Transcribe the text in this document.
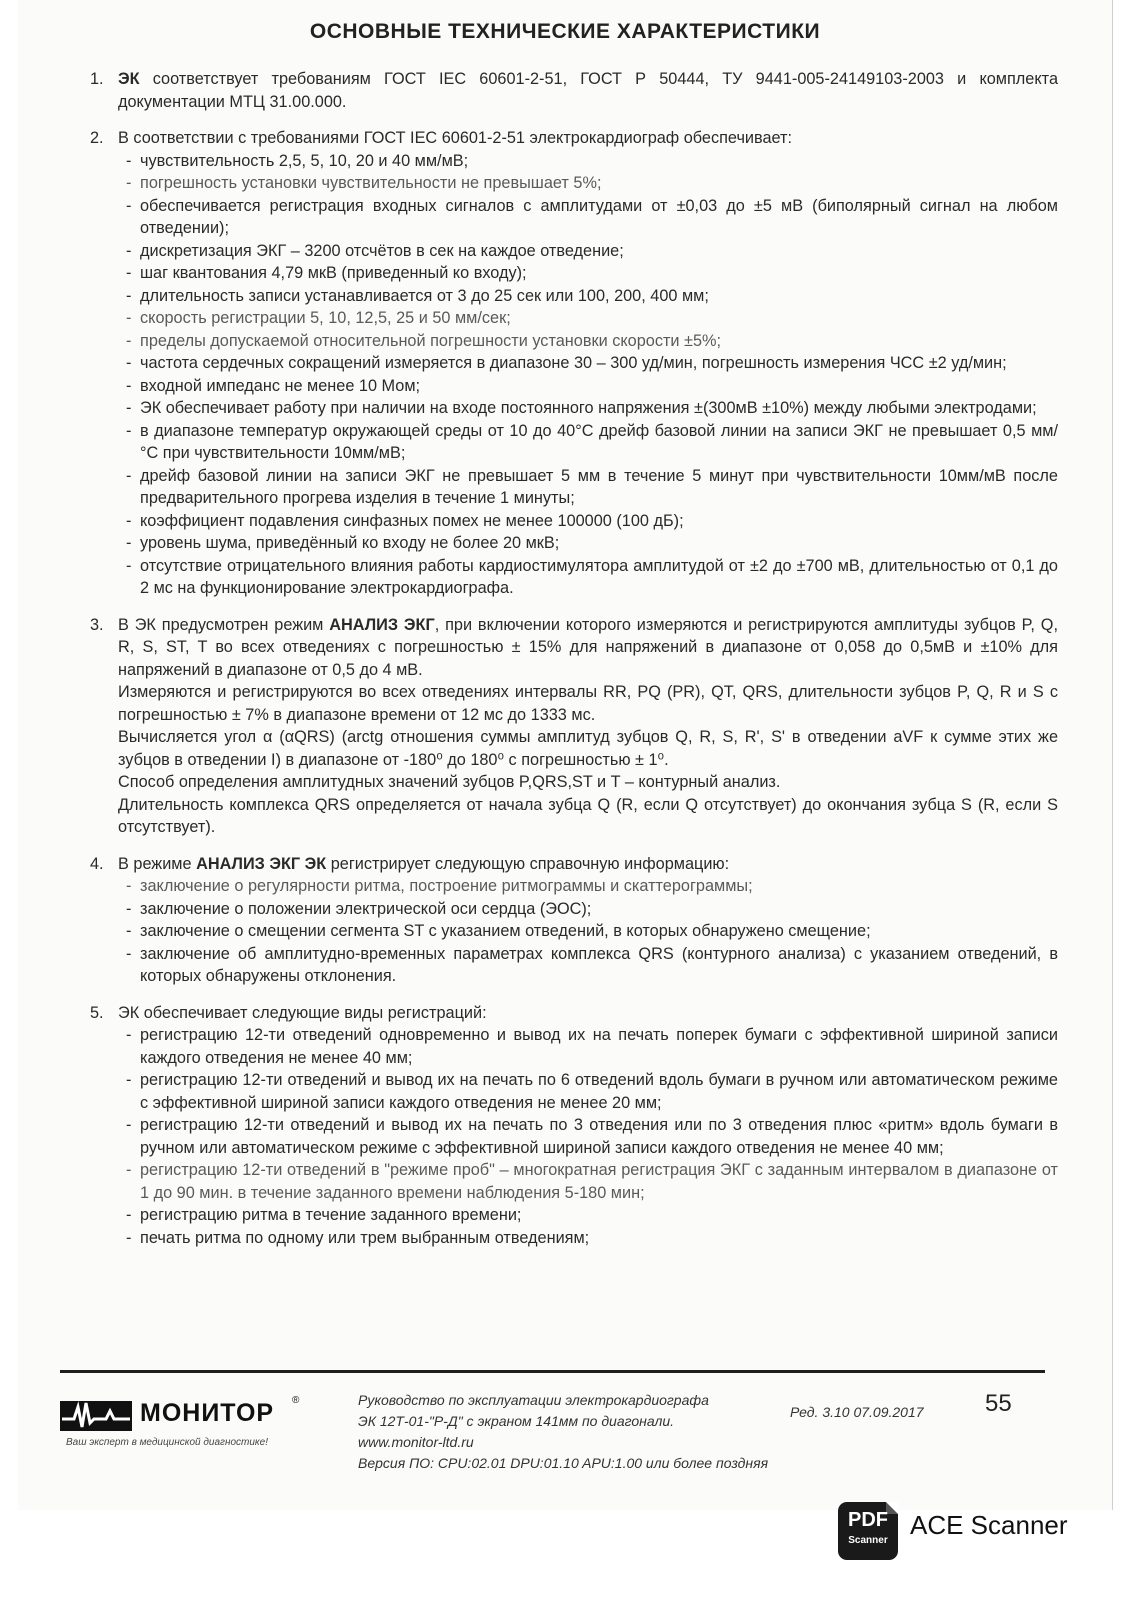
ОСНОВНЫЕ ТЕХНИЧЕСКИЕ ХАРАКТЕРИСТИКИ
1. ЭК соответствует требованиям ГОСТ IEC 60601-2-51, ГОСТ Р 50444, ТУ 9441-005-24149103-2003 и комплекта документации МТЦ 31.00.000.

2. В соответствии с требованиями ГОСТ IEC 60601-2-51 электрокардиограф обеспечивает:

- чувствительность 2,5, 5, 10, 20 и 40 мм/мВ;
- погрешность установки чувствительности не превышает 5%;
- обеспечивается регистрация входных сигналов с амплитудами от ±0,03 до ±5 мВ (биполярный сигнал на любом отведении);
- дискретизация ЭКГ – 3200 отсчётов в сек на каждое отведение;
- шаг квантования 4,79 мкВ (приведенный ко входу);
- длительность записи устанавливается от 3 до 25 сек или 100, 200, 400 мм;
- скорость регистрации 5, 10, 12,5, 25 и 50 мм/сек;
- пределы допускаемой относительной погрешности установки скорости ±5%;
- частота сердечных сокращений измеряется в диапазоне 30 – 300 уд/мин, погрешность измерения ЧСС ±2 уд/мин;
- входной импеданс не менее 10 Мом;
- ЭК обеспечивает работу при наличии на входе постоянного напряжения ±(300мВ ±10%) между любыми электродами;
- в диапазоне температур окружающей среды от 10 до 40°С дрейф базовой линии на записи ЭКГ не превышает 0,5 мм/°С при чувствительности 10мм/мВ;
- дрейф базовой линии на записи ЭКГ не превышает 5 мм в течение 5 минут при чувствительности 10мм/мВ после предварительного прогрева изделия в течение 1 минуты;
- коэффициент подавления синфазных помех не менее 100000 (100 дБ);
- уровень шума, приведённый ко входу не более 20 мкВ;
- отсутствие отрицательного влияния работы кардиостимулятора амплитудой от ±2 до ±700 мВ, длительностью от 0,1 до 2 мс на функционирование электрокардиографа.
3. В ЭК предусмотрен режим АНАЛИЗ ЭКГ, при включении которого измеряются и регистрируются амплитуды зубцов P, Q, R, S, ST, T во всех отведениях с погрешностью ± 15% для напряжений в диапазоне от 0,058 до 0,5мВ и ±10% для напряжений в диапазоне от 0,5 до 4 мВ.

Измеряются и регистрируются во всех отведениях интервалы RR, PQ (PR), QT, QRS, длительности зубцов P, Q, R и S с погрешностью ± 7% в диапазоне времени от 12 мс до 1333 мс.

Вычисляется угол α (αQRS) (arctg отношения суммы амплитуд зубцов Q, R, S, R', S' в отведении aVF к сумме этих же зубцов в отведении I) в диапазоне от -180⁰ до 180⁰ с погрешностью ± 1⁰.

Способ определения амплитудных значений зубцов P,QRS,ST и T – контурный анализ.

Длительность комплекса QRS определяется от начала зубца Q (R, если Q отсутствует) до окончания зубца S (R, если S отсутствует).

4. В режиме АНАЛИЗ ЭКГ ЭК регистрирует следующую справочную информацию:

- заключение о регулярности ритма, построение ритмограммы и скаттерограммы;
- заключение о положении электрической оси сердца (ЭОС);
- заключение о смещении сегмента ST с указанием отведений, в которых обнаружено смещение;
- заключение об амплитудно-временных параметрах комплекса QRS (контурного анализа) с указанием отведений, в которых обнаружены отклонения.
5. ЭК обеспечивает следующие виды регистраций:

- регистрацию 12-ти отведений одновременно и вывод их на печать поперек бумаги с эффективной шириной записи каждого отведения не менее 40 мм;
- регистрацию 12-ти отведений и вывод их на печать по 6 отведений вдоль бумаги в ручном или автоматическом режиме с эффективной шириной записи каждого отведения не менее 20 мм;
- регистрацию 12-ти отведений и вывод их на печать по 3 отведения или по 3 отведения плюс «ритм» вдоль бумаги в ручном или автоматическом режиме с эффективной шириной записи каждого отведения не менее 40 мм;
- регистрацию 12-ти отведений в "режиме проб" – многократная регистрация ЭКГ с заданным интервалом в диапазоне от 1 до 90 мин. в течение заданного времени наблюдения 5-180 мин;
- регистрацию ритма в течение заданного времени;
- печать ритма по одному или трем выбранным отведениям;
МОНИТОР ®
Ваш эксперт в медицинской диагностике!
Руководство по эксплуатации электрокардиографа
ЭК 12Т-01-"Р-Д" с экраном 141мм по диагонали.
www.monitor-ltd.ru
Версия ПО: CPU:02.01 DPU:01.10 APU:1.00 или более поздняя
Ред. 3.10 07.09.2017	55
PDF
Scanner
ACE Scanner
